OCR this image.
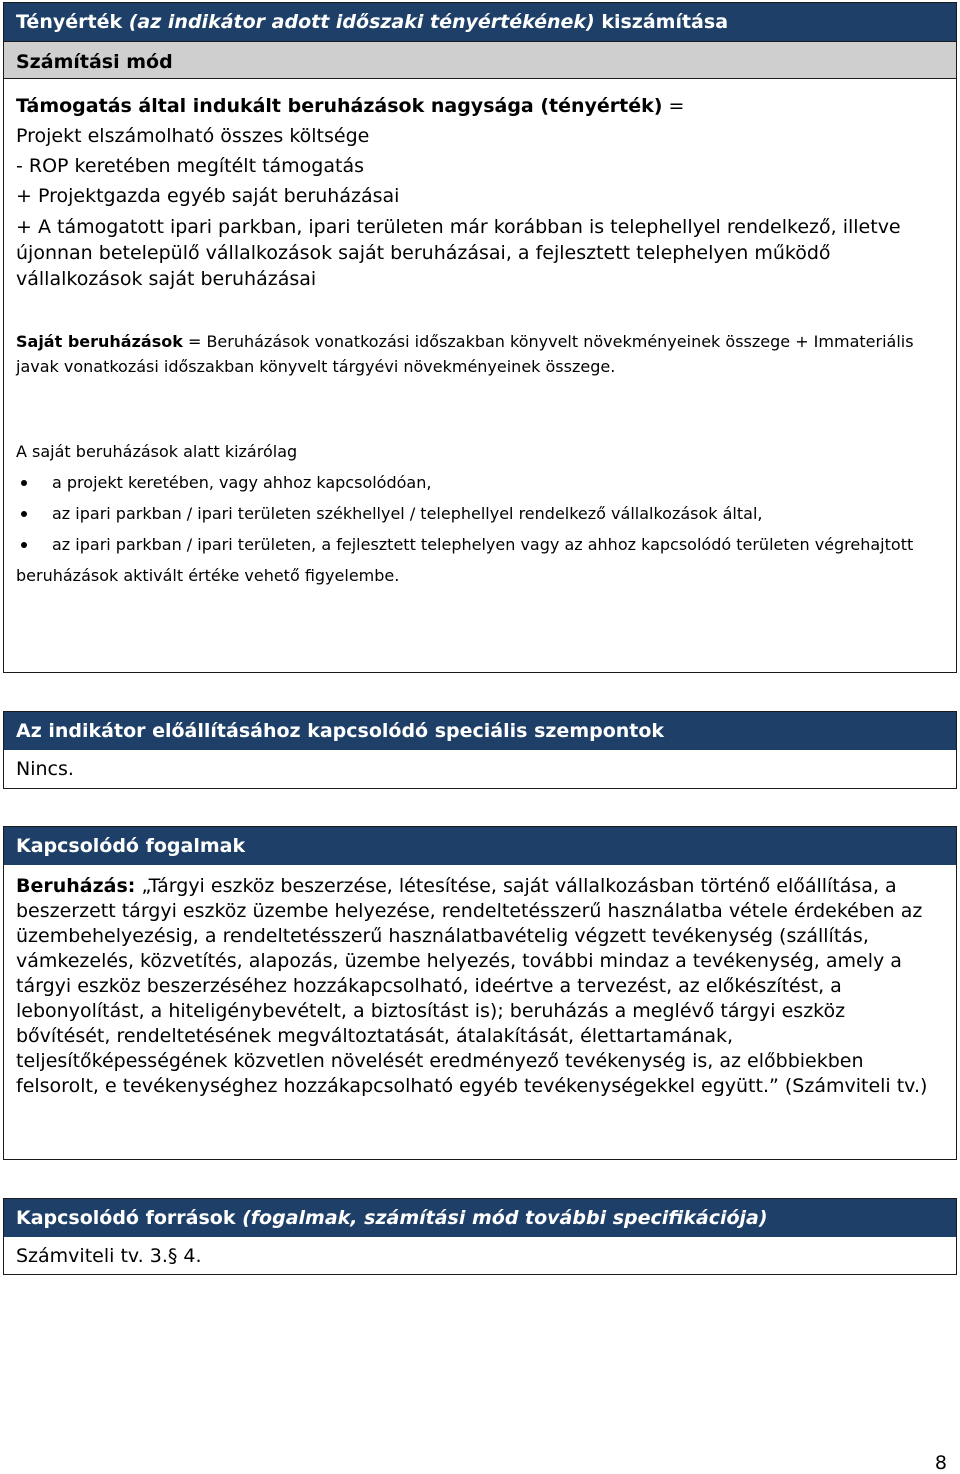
Tényérték (az indikátor adott időszaki tényértékének) kiszámítása
Számítási mód

Támogatás által indukált beruházások nagysága (tényérték) =

Projekt elszámolható összes költsége

- ROP keretében megítélt támogatás

+ Projektgazda egyéb saját beruházásai

+ A támogatott ipari parkban, ipari területen már korábban is telephellyel rendelkező, illetve újonnan betelepülő vállalkozások saját beruházásai, a fejlesztett telephelyen működő vállalkozások saját beruházásai

Saját beruházások = Beruházások vonatkozási időszakban könyvelt növekményeinek összege + Immateriális javak vonatkozási időszakban könyvelt tárgyévi növekményeinek összege.

A saját beruházások alatt kizárólag

a projekt keretében, vagy ahhoz kapcsolódóan,
az ipari parkban / ipari területen székhellyel / telephellyel rendelkező vállalkozások által,
az ipari parkban / ipari területen, a fejlesztett telephelyen vagy az ahhoz kapcsolódó területen végrehajtott

beruházások aktivált értéke vehető figyelembe.

Az indikátor előállításához kapcsolódó speciális szempontok
Nincs.
Kapcsolódó fogalmak

Beruházás: „Tárgyi eszköz beszerzése, létesítése, saját vállalkozásban történő előállítása, a beszerzett tárgyi eszköz üzembe helyezése, rendeltetésszerű használatba vétele érdekében az üzembehelyezésig, a rendeltetésszerű használatbavételig végzett tevékenység (szállítás, vámkezelés, közvetítés, alapozás, üzembe helyezés, további mindaz a tevékenység, amely a tárgyi eszköz beszerzéséhez hozzákapcsolható, ideértve a tervezést, az előkészítést, a lebonyolítást, a hiteligénybevételt, a biztosítást is); beruházás a meglévő tárgyi eszköz bővítését, rendeltetésének megváltoztatását, átalakítását, élettartamának, teljesítőképességének közvetlen növelését eredményező tevékenység is, az előbbiekben felsorolt, e tevékenységhez hozzákapcsolható egyéb tevékenységekkel együtt.” (Számviteli tv.)

Kapcsolódó források (fogalmak, számítási mód további specifikációja)
Számviteli tv. 3.§ 4.
8
